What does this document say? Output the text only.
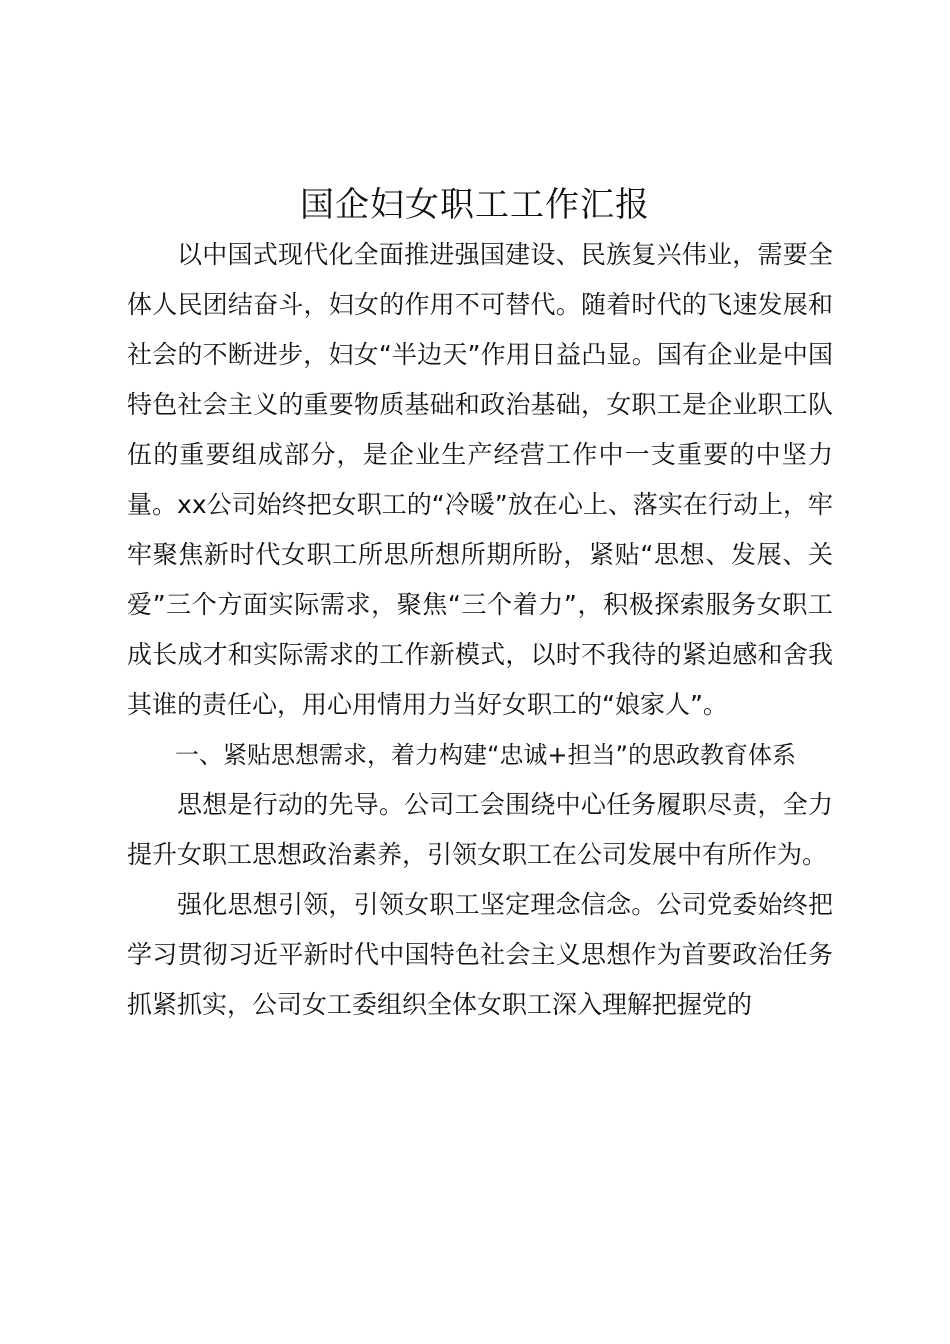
国企妇女职工工作汇报

以中国式现代化全面推进强国建设、民族复兴伟业，需要全体人民团结奋斗，妇女的作用不可替代。随着时代的飞速发展和社会的不断进步，妇女“半边天”作用日益凸显。国有企业是中国特色社会主义的重要物质基础和政治基础，女职工是企业职工队伍的重要组成部分，是企业生产经营工作中一支重要的中坚力量。xx公司始终把女职工的“冷暖”放在心上、落实在行动上，牢牢聚焦新时代女职工所思所想所期所盼，紧贴“思想、发展、关爱”三个方面实际需求，聚焦“三个着力”，积极探索服务女职工成长成才和实际需求的工作新模式，以时不我待的紧迫感和舍我其谁的责任心，用心用情用力当好女职工的“娘家人”。

一、紧贴思想需求，着力构建“忠诚+担当”的思政教育体系

思想是行动的先导。公司工会围绕中心任务履职尽责，全力提升女职工思想政治素养，引领女职工在公司发展中有所作为。

强化思想引领，引领女职工坚定理念信念。公司党委始终把学习贯彻习近平新时代中国特色社会主义思想作为首要政治任务抓紧抓实，公司女工委组织全体女职工深入理解把握党的
